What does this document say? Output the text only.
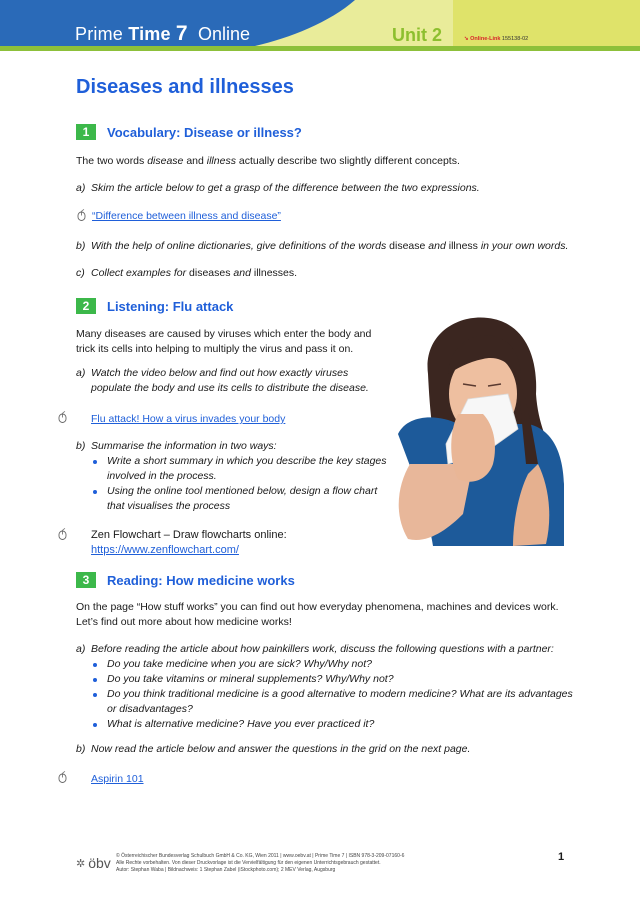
Prime Time 7 Online	Unit 2	➘ Online-Link 155138-02
Diseases and illnesses
1	Vocabulary: Disease or illness?
The two words disease and illness actually describe two slightly different concepts.
a) Skim the article below to get a grasp of the difference between the two expressions.
“Difference between illness and disease”
b) With the help of online dictionaries, give definitions of the words disease and illness in your own words.
c) Collect examples for diseases and illnesses.
2	Listening: Flu attack
Many diseases are caused by viruses which enter the body and
trick its cells into helping to multiply the virus and pass it on.
a) Watch the video below and find out how exactly viruses
populate the body and use its cells to distribute the disease.
Flu attack! How a virus invades your body
b) Summarise the information in two ways:
Write a short summary in which you describe the key stages
involved in the process.
Using the online tool mentioned below, design a flow chart
that visualises the process
Zen Flowchart – Draw flowcharts online:
https://www.zenflowchart.com/
3	Reading: How medicine works
On the page “How stuff works” you can find out how everyday phenomena, machines and devices work.
Let’s find out more about how medicine works!
a) Before reading the article about how painkillers work, discuss the following questions with a partner:
Do you take medicine when you are sick? Why/Why not?
Do you take vitamins or mineral supplements? Why/Why not?
Do you think traditional medicine is a good alternative to modern medicine? What are its advantages
or disadvantages?
What is alternative medicine? Have you ever practiced it?
b) Now read the article below and answer the questions in the grid on the next page.
Aspirin 101
✲ öbv © Österreichischer Bundesverlag Schulbuch GmbH & Co. KG, Wien 2011 | www.oebv.at | Prime Time 7 | ISBN 978-3-209-07160-6
Alle Rechte vorbehalten. Von dieser Druckvorlage ist die Vervielfältigung für den eigenen Unterrichtsgebrauch gestattet.
Autor: Stephan Waba | Bildnachweis: 1 Stephan Zabel (iStockphoto.com); 2 MEV Verlag, Augsburg
1
